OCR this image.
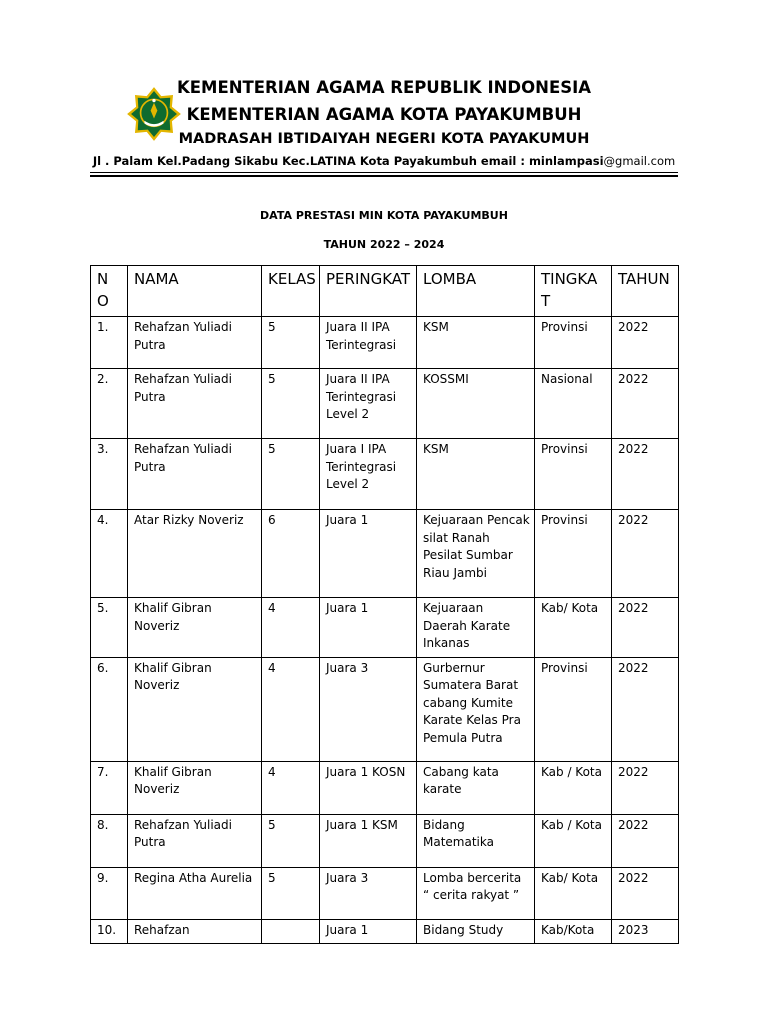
KEMENTERIAN AGAMA REPUBLIK INDONESIA
KEMENTERIAN AGAMA KOTA PAYAKUMBUH
MADRASAH IBTIDAIYAH NEGERI KOTA PAYAKUMUH
Jl . Palam Kel.Padang Sikabu Kec.LATINA Kota Payakumbuh email : minlampasi@gmail.com
DATA PRESTASI MIN KOTA PAYAKUMBUH
TAHUN 2022 – 2024
N O	NAMA	KELAS	PERINGKAT	LOMBA	TINGKA T	TAHUN
1.	Rehafzan Yuliadi Putra	5	Juara II IPA Terintegrasi	KSM	Provinsi	2022
2.	Rehafzan Yuliadi Putra	5	Juara II IPA Terintegrasi Level 2	KOSSMI	Nasional	2022
3.	Rehafzan Yuliadi Putra	5	Juara I IPA Terintegrasi Level 2	KSM	Provinsi	2022
4.	Atar Rizky Noveriz	6	Juara 1	Kejuaraan Pencak silat Ranah Pesilat Sumbar Riau Jambi	Provinsi	2022
5.	Khalif Gibran Noveriz	4	Juara 1	Kejuaraan Daerah Karate Inkanas	Kab/ Kota	2022
6.	Khalif Gibran Noveriz	4	Juara 3	Gurbernur Sumatera Barat cabang Kumite Karate Kelas Pra Pemula Putra	Provinsi	2022
7.	Khalif Gibran Noveriz	4	Juara 1 KOSN	Cabang kata karate	Kab / Kota	2022
8.	Rehafzan Yuliadi Putra	5	Juara 1 KSM	Bidang Matematika	Kab / Kota	2022
9.	Regina Atha Aurelia	5	Juara 3	Lomba bercerita “ cerita rakyat ”	Kab/ Kota	2022
10.	Rehafzan		Juara 1	Bidang Study	Kab/Kota	2023
